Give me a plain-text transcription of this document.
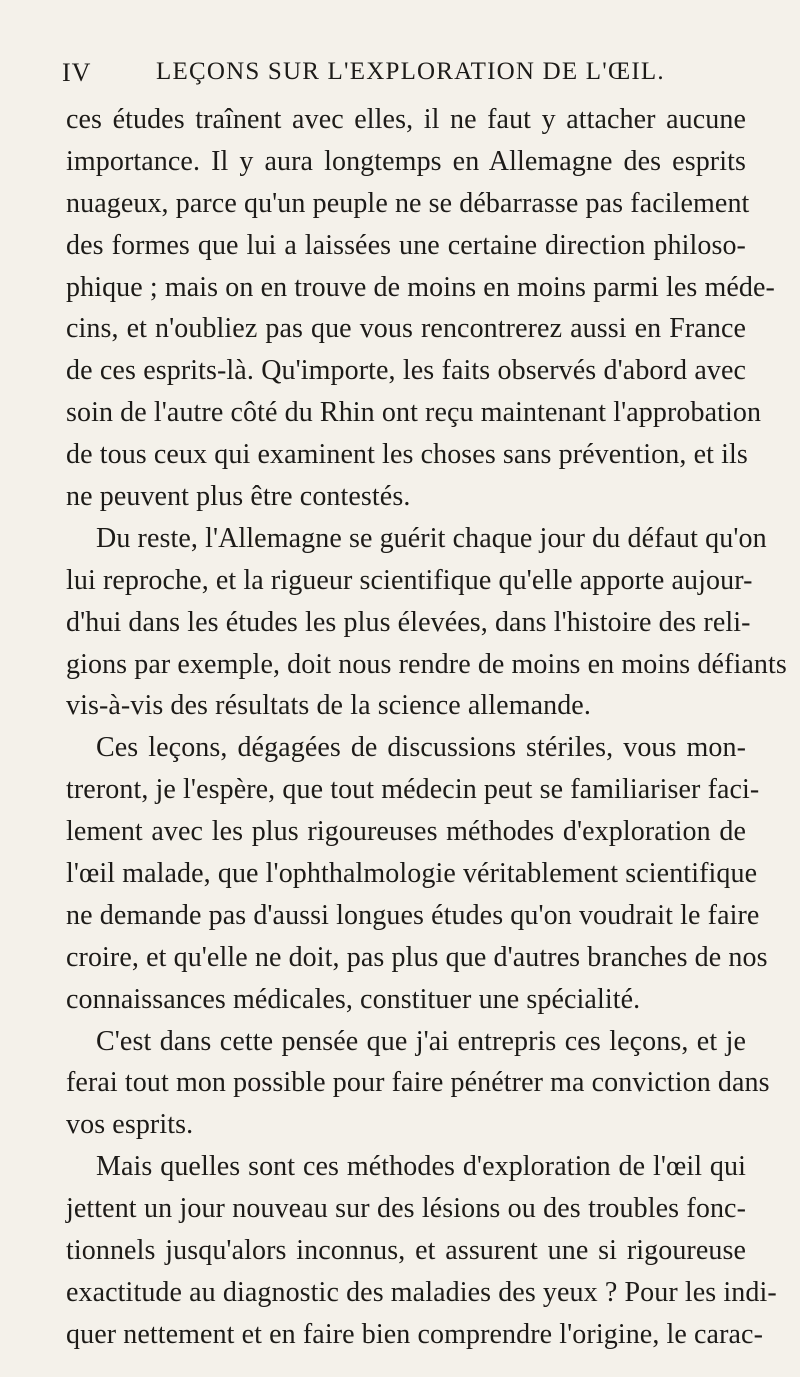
IV	LEÇONS SUR L'EXPLORATION DE L'ŒIL.
ces études traînent avec elles, il ne faut y attacher aucune
importance. Il y aura longtemps en Allemagne des esprits
nuageux, parce qu'un peuple ne se débarrasse pas facilement
des formes que lui a laissées une certaine direction philoso-
phique ; mais on en trouve de moins en moins parmi les méde-
cins, et n'oubliez pas que vous rencontrerez aussi en France
de ces esprits-là. Qu'importe, les faits observés d'abord avec
soin de l'autre côté du Rhin ont reçu maintenant l'approbation
de tous ceux qui examinent les choses sans prévention, et ils
ne peuvent plus être contestés.
Du reste, l'Allemagne se guérit chaque jour du défaut qu'on
lui reproche, et la rigueur scientifique qu'elle apporte aujour-
d'hui dans les études les plus élevées, dans l'histoire des reli-
gions par exemple, doit nous rendre de moins en moins défiants
vis-à-vis des résultats de la science allemande.
Ces leçons, dégagées de discussions stériles, vous mon-
treront, je l'espère, que tout médecin peut se familiariser faci-
lement avec les plus rigoureuses méthodes d'exploration de
l'œil malade, que l'ophthalmologie véritablement scientifique
ne demande pas d'aussi longues études qu'on voudrait le faire
croire, et qu'elle ne doit, pas plus que d'autres branches de nos
connaissances médicales, constituer une spécialité.
C'est dans cette pensée que j'ai entrepris ces leçons, et je
ferai tout mon possible pour faire pénétrer ma conviction dans
vos esprits.
Mais quelles sont ces méthodes d'exploration de l'œil qui
jettent un jour nouveau sur des lésions ou des troubles fonc-
tionnels jusqu'alors inconnus, et assurent une si rigoureuse
exactitude au diagnostic des maladies des yeux ? Pour les indi-
quer nettement et en faire bien comprendre l'origine, le carac-
